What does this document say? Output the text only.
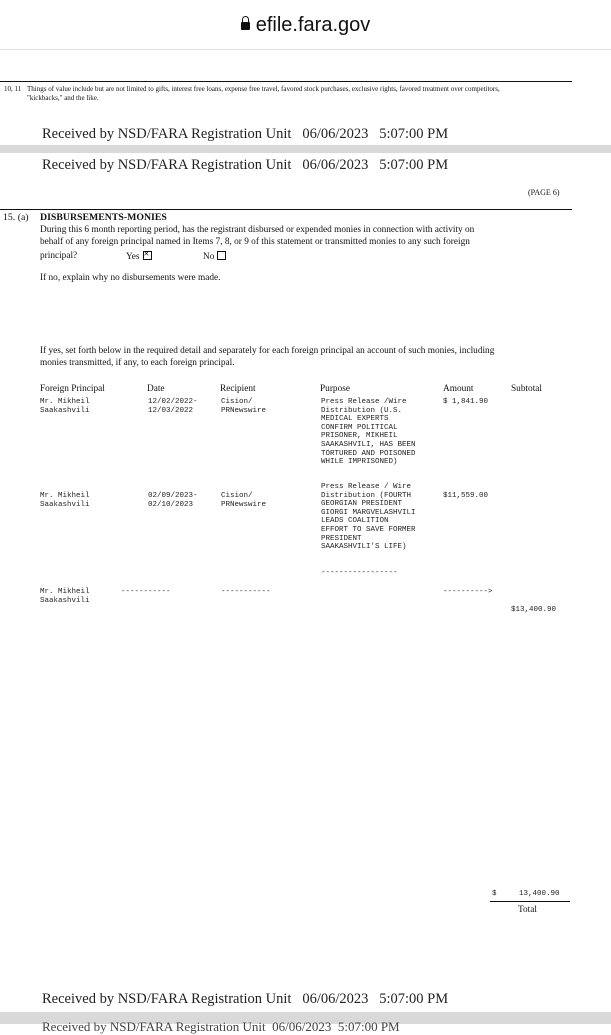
efile.fara.gov
10, 11 Things of value include but are not limited to gifts, interest free loans, expense free travel, favored stock purchases, exclusive rights, favored treatment over competitors,
"kickbacks," and the like.
Received by NSD/FARA Registration Unit   06/06/2023   5:07:00 PM
Received by NSD/FARA Registration Unit   06/06/2023   5:07:00 PM
(PAGE 6)
15. (a) DISBURSEMENTS-MONIES
During this 6 month reporting period, has the registrant disbursed or expended monies in connection with activity on
behalf of any foreign principal named in Items 7, 8, or 9 of this statement or transmitted monies to any such foreign
principal?	Yes✕	No
If no, explain why no disbursements were made.
If yes, set forth below in the required detail and separately for each foreign principal an account of such monies, including
monies transmitted, if any, to each foreign principal.
Foreign Principal	Date	Recipient	Purpose	Amount	Subtotal
Mr. Mikheil
Saakashvili
12/02/2022-
12/03/2022
Cision/
PRNewswire
Press Release /Wire
Distribution (U.S.
MEDICAL EXPERTS
CONFIRM POLITICAL
PRISONER, MIKHEIL
SAAKASHVILI, HAS BEEN
TORTURED AND POISONED
WHILE IMPRISONED)
$ 1,841.90
Press Release / Wire
Distribution (FOURTH
GEORGIAN PRESIDENT
GIORGI MARGVELASHVILI
LEADS COALITION
EFFORT TO SAVE FORMER
PRESIDENT
SAAKASHVILI'S LIFE)
Mr. Mikheil
Saakashvili
02/09/2023-
02/10/2023
Cision/
PRNewswire
$11,559.00
-----------------
Mr. Mikheil
Saakashvili
-----------	-----------	---------->
$13,400.90
$	13,400.90
Total
Received by NSD/FARA Registration Unit   06/06/2023   5:07:00 PM
Received by NSD/FARA Registration Unit  06/06/2023  5:07:00 PM
